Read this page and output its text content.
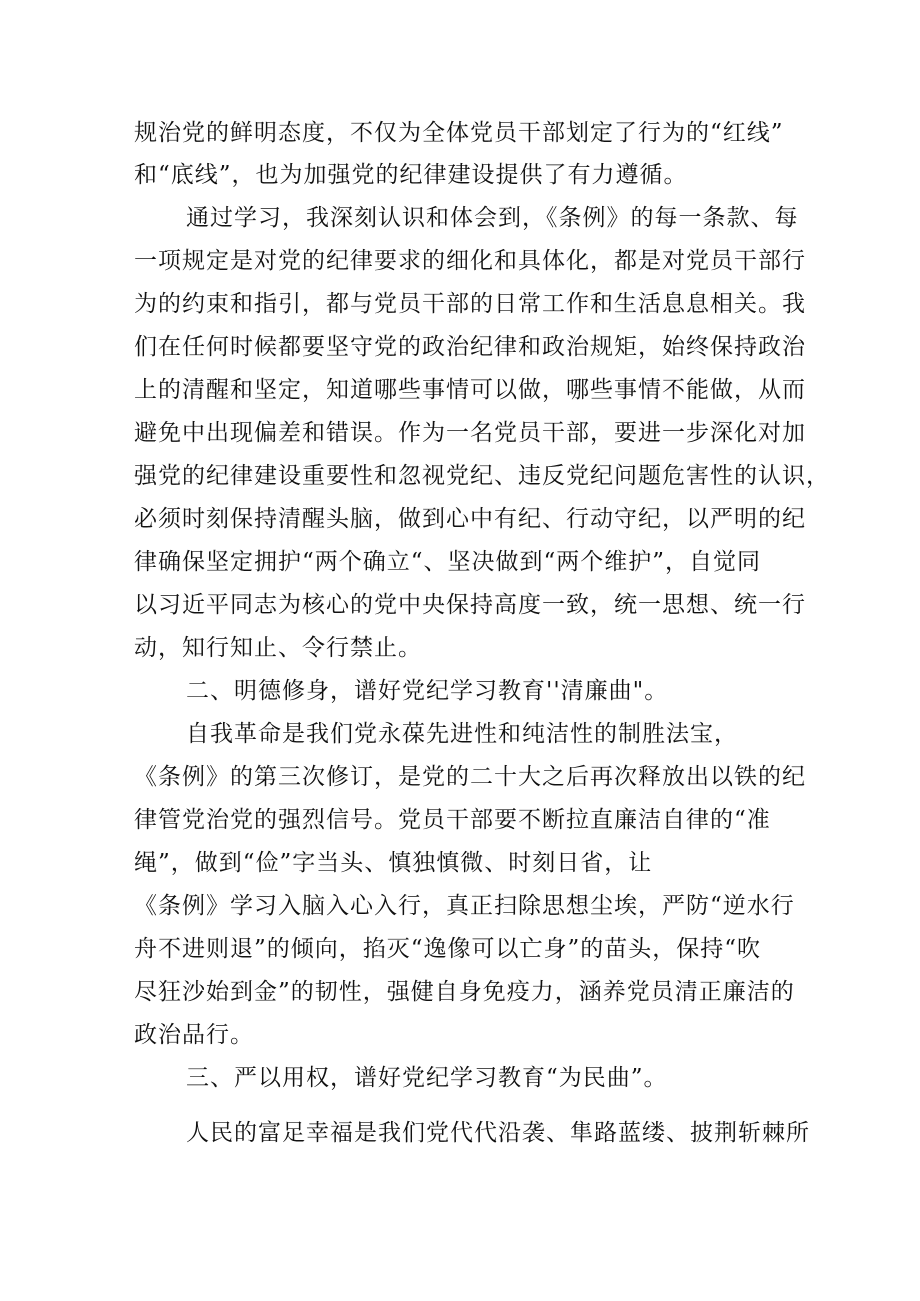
规治党的鲜明态度，不仅为全体党员干部划定了行为的“红线”

和“底线”，也为加强党的纪律建设提供了有力遵循。

通过学习，我深刻认识和体会到，《条例》的每一条款、每

一项规定是对党的纪律要求的细化和具体化，都是对党员干部行

为的约束和指引，都与党员干部的日常工作和生活息息相关。我

们在任何时候都要坚守党的政治纪律和政治规矩，始终保持政治

上的清醒和坚定，知道哪些事情可以做，哪些事情不能做，从而

避免中出现偏差和错误。作为一名党员干部，要进一步深化对加

强党的纪律建设重要性和忽视党纪、违反党纪问题危害性的认识，

必须时刻保持清醒头脑，做到心中有纪、行动守纪，以严明的纪

律确保坚定拥护“两个确立“、坚决做到“两个维护”，自觉同

以习近平同志为核心的党中央保持高度一致，统一思想、统一行

动，知行知止、令行禁止。

二、明德修身，谱好党纪学习教育''清廉曲"。

自我革命是我们党永葆先进性和纯洁性的制胜法宝，

《条例》的第三次修订，是党的二十大之后再次释放出以铁的纪

律管党治党的强烈信号。党员干部要不断拉直廉洁自律的“准

绳”，做到“俭”字当头、慎独慎微、时刻日省，让

《条例》学习入脑入心入行，真正扫除思想尘埃，严防“逆水行

舟不进则退”的倾向，掐灭“逸像可以亡身”的苗头，保持“吹

尽狂沙始到金”的韧性，强健自身免疫力，涵养党员清正廉洁的

政治品行。

三、严以用权，谱好党纪学习教育“为民曲”。

人民的富足幸福是我们党代代沿袭、隼路蓝缕、披荆斩棘所
